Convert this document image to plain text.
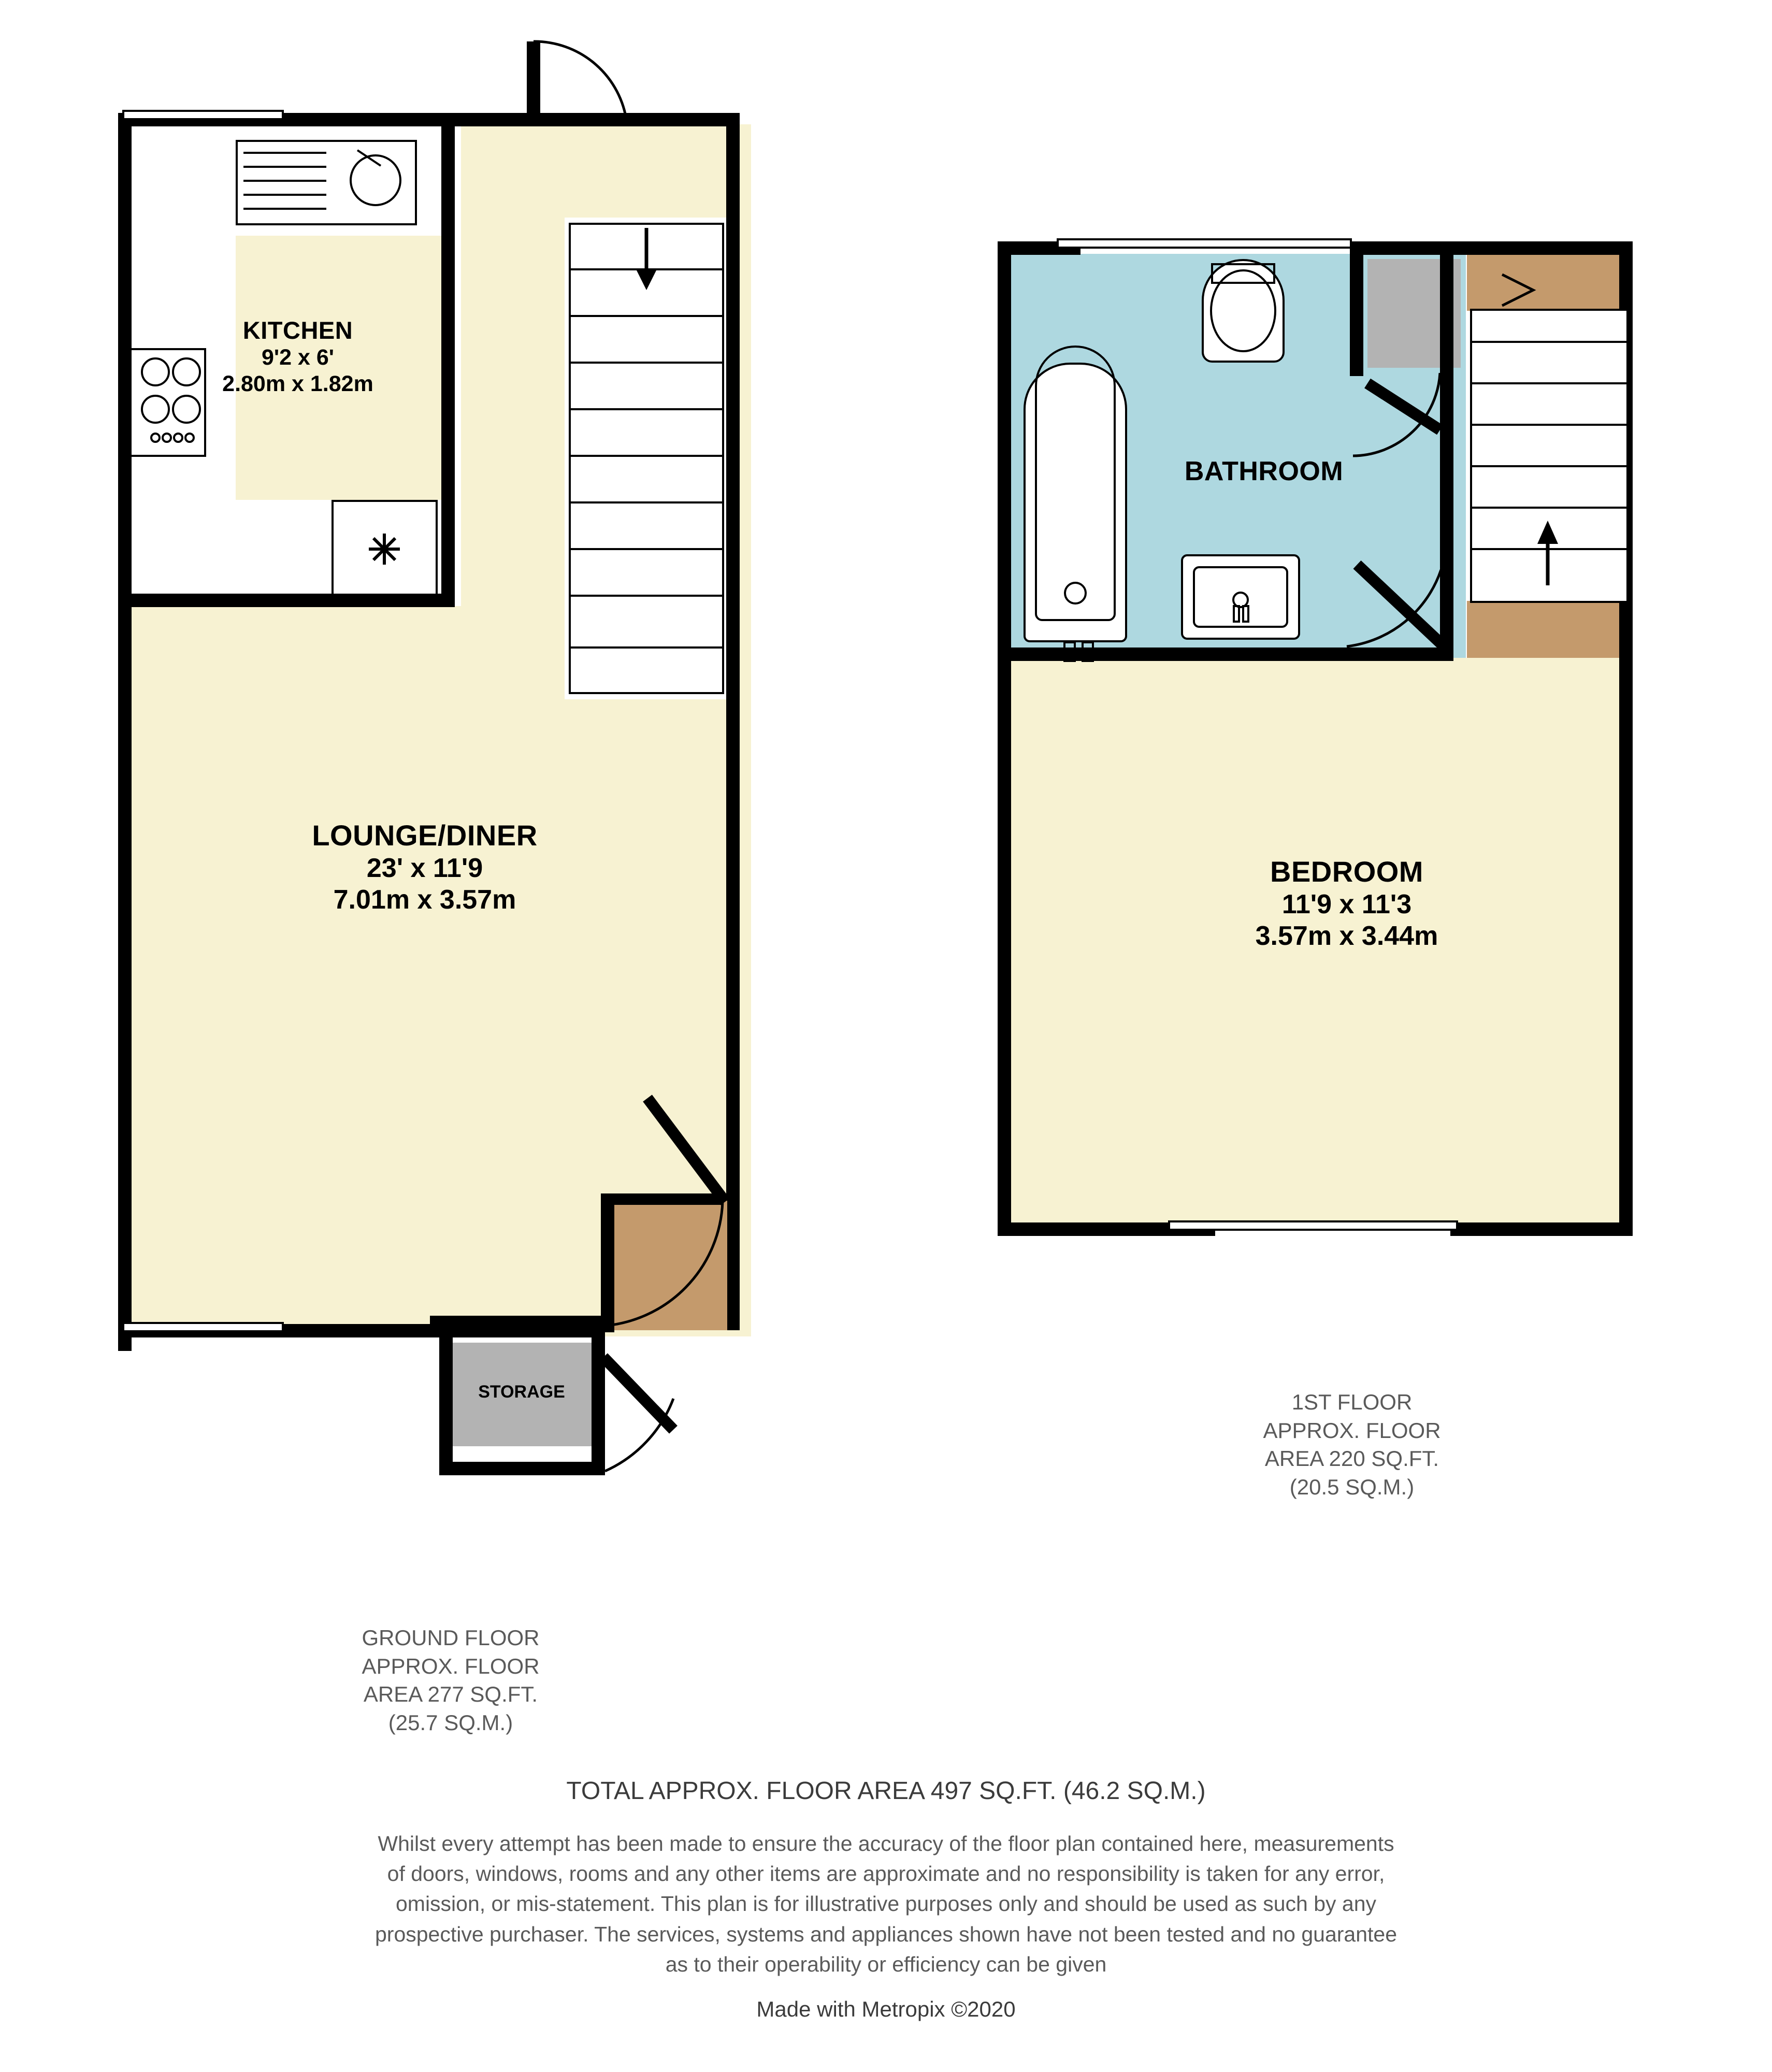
KITCHEN
9'2 x 6'
2.80m x 1.82m
LOUNGE/DINER
23' x 11'9
7.01m x 3.57m
STORAGE
BATHROOM
BEDROOM
11'9 x 11'3
3.57m x 3.44m
1ST FLOOR
APPROX. FLOOR
AREA 220 SQ.FT.
(20.5 SQ.M.)
GROUND FLOOR
APPROX. FLOOR
AREA 277 SQ.FT.
(25.7 SQ.M.)
TOTAL APPROX. FLOOR AREA 497 SQ.FT. (46.2 SQ.M.)
Whilst every attempt has been made to ensure the accuracy of the floor plan contained here, measurements
of doors, windows, rooms and any other items are approximate and no responsibility is taken for any error,
omission, or mis-statement. This plan is for illustrative purposes only and should be used as such by any
prospective purchaser. The services, systems and appliances shown have not been tested and no guarantee
as to their operability or efficiency can be given
Made with Metropix ©2020
